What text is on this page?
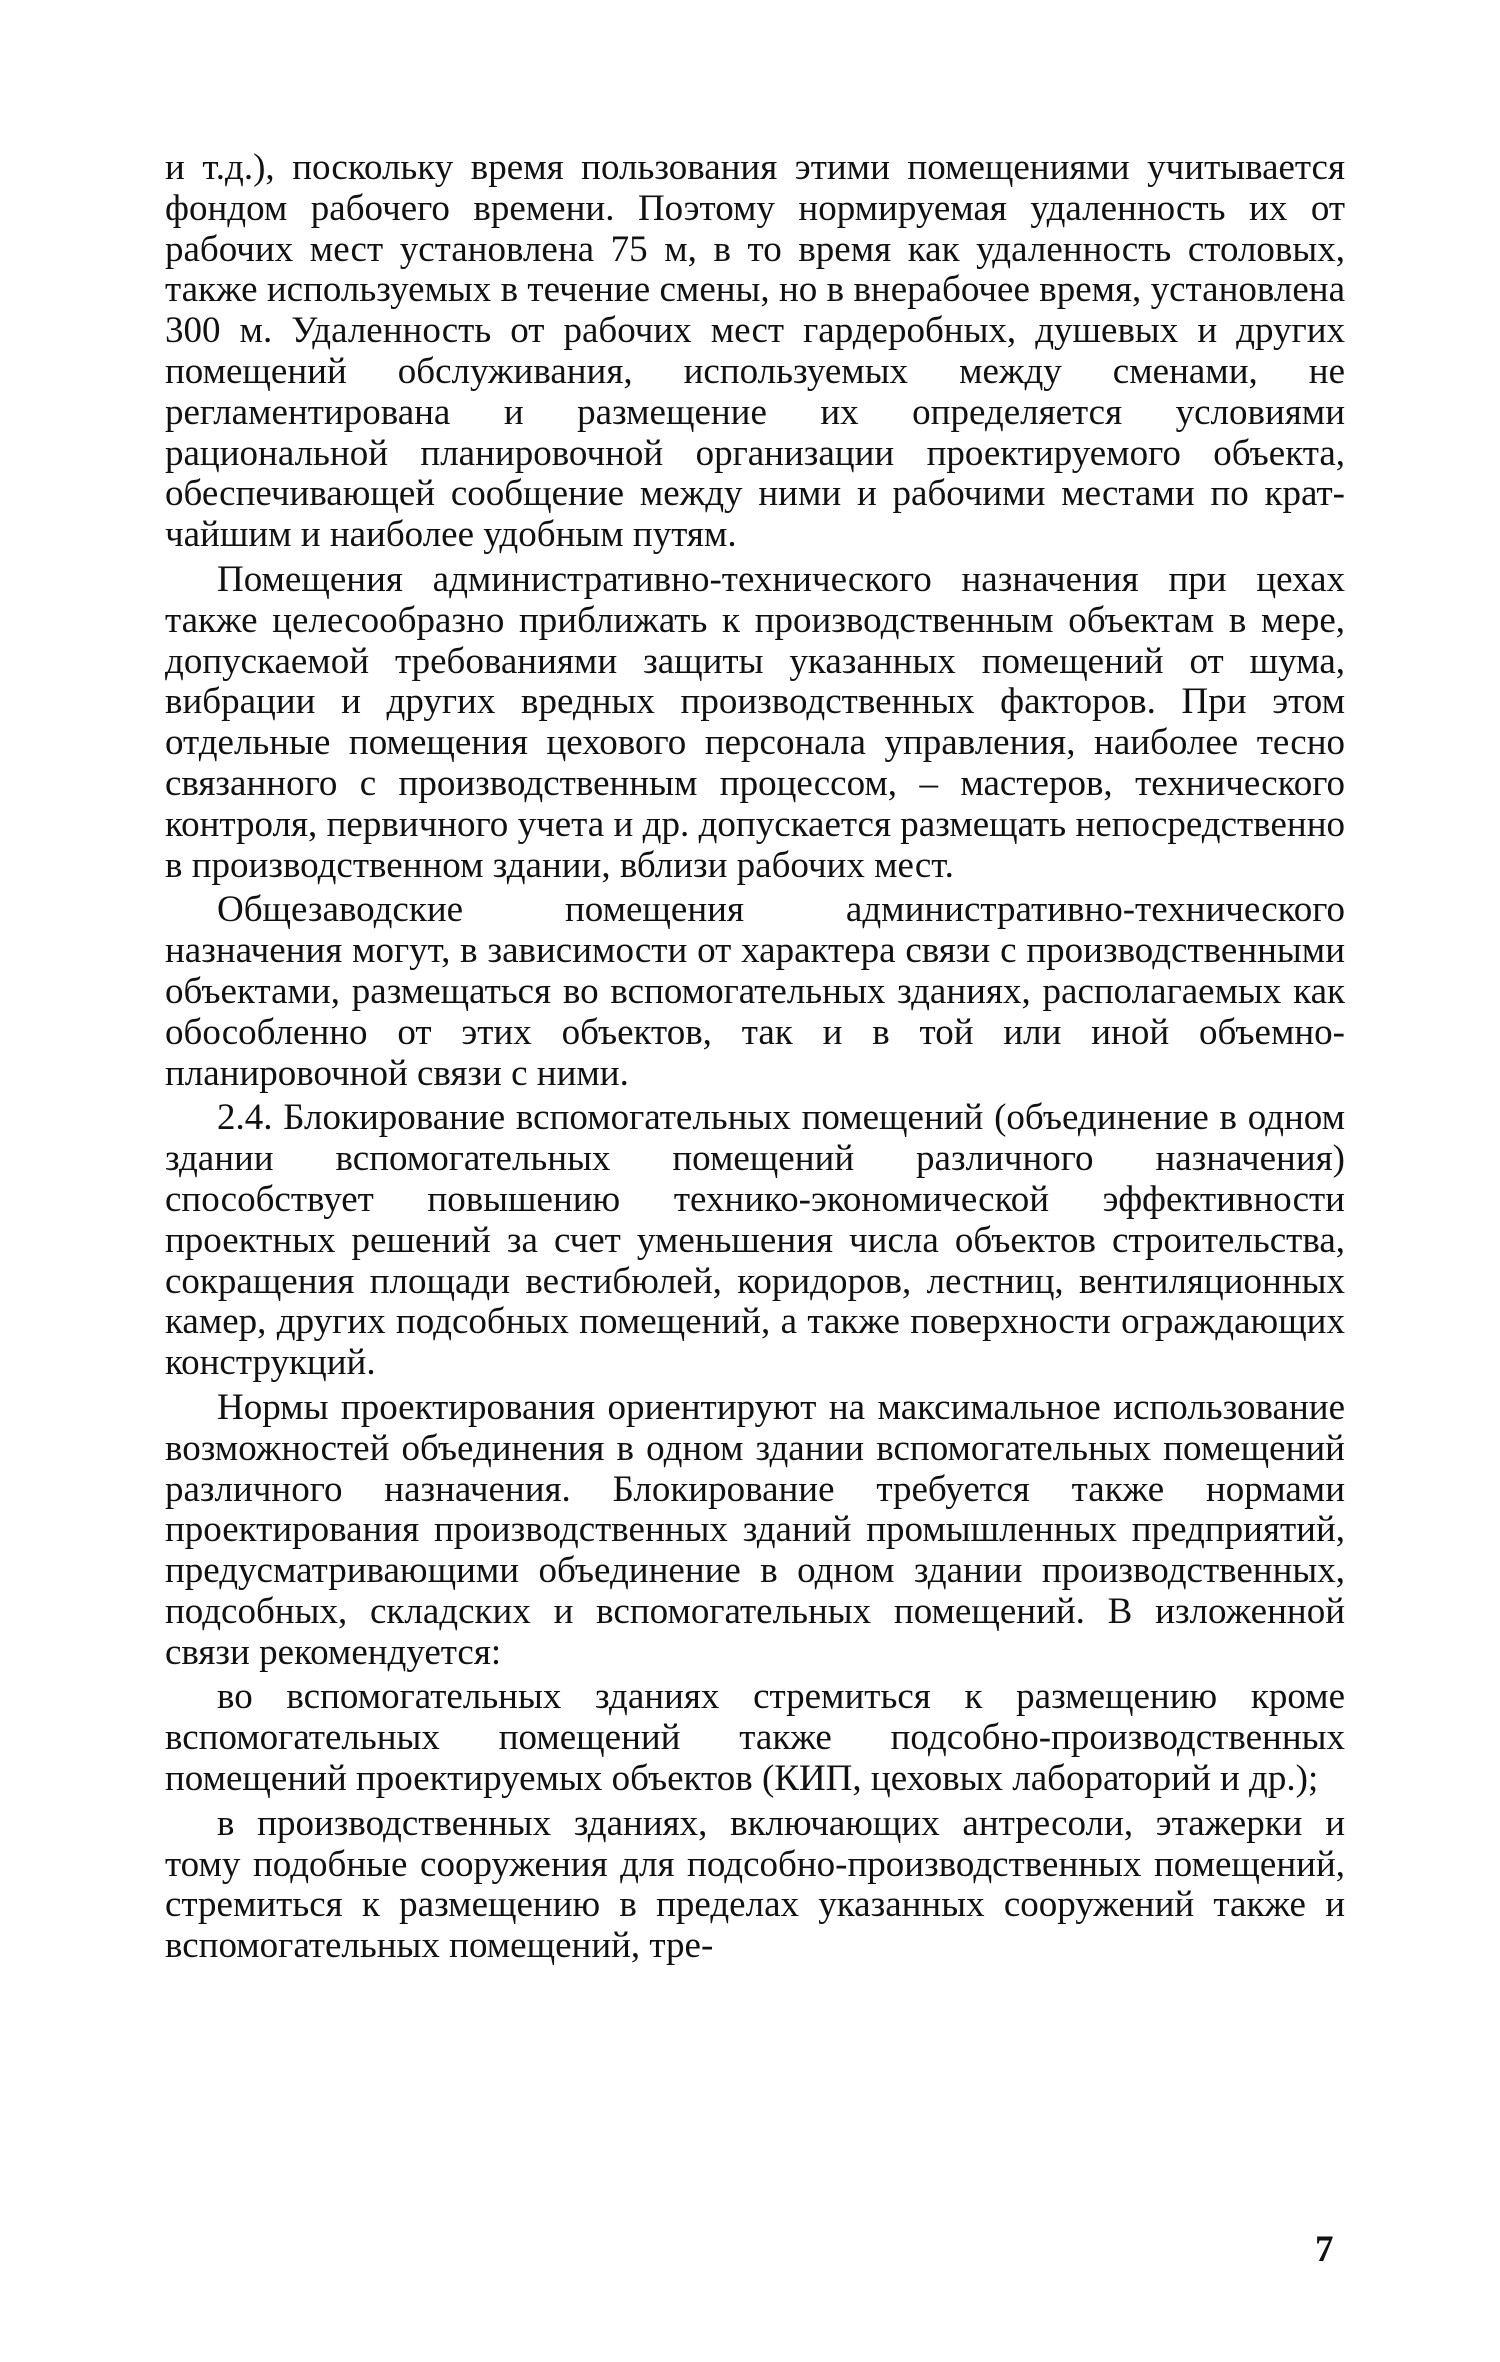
и т.д.), поскольку время пользования этими помещениями учитывается фондом рабочего времени. Поэтому нормируемая удаленность их от рабочих мест установлена 75 м, в то время как удаленность столовых, также используемых в течение смены, но в внерабочее время, установлена 300 м. Удаленность от рабочих мест гардеробных, душевых и других помещений обслуживания, используемых между сменами, не регламентирована и размещение их определяется условиями рациональной планировочной организации проектируемого объекта, обеспечивающей сообщение между ними и рабочими местами по кратчайшим и наиболее удобным путям.

Помещения административно-технического назначения при цехах также целесообразно приближать к производственным объектам в мере, допускаемой требованиями защиты указанных помещений от шума, вибрации и других вредных производственных факторов. При этом отдельные помещения цехового персонала управления, наиболее тесно связанного с производственным процессом, – мастеров, технического контроля, первичного учета и др. допускается размещать непосредственно в производственном здании, вблизи рабочих мест.

Общезаводские помещения административно-технического назначения могут, в зависимости от характера связи с производственными объектами, размещаться во вспомогательных зданиях, располагаемых как обособленно от этих объектов, так и в той или иной объемно-планировочной связи с ними.

2.4. Блокирование вспомогательных помещений (объединение в одном здании вспомогательных помещений различного назначения) способствует повышению технико-экономической эффективности проектных решений за счет уменьшения числа объектов строительства, сокращения площади вестибюлей, коридоров, лестниц, вентиляционных камер, других подсобных помещений, а также поверхности ограждающих конструкций.

Нормы проектирования ориентируют на максимальное использование возможностей объединения в одном здании вспомогательных помещений различного назначения. Блокирование требуется также нормами проектирования производственных зданий промышленных предприятий, предусматривающими объединение в одном здании производственных, подсобных, складских и вспомогательных помещений. В изложенной связи рекомендуется:

во вспомогательных зданиях стремиться к размещению кроме вспомогательных помещений также подсобно-производственных помещений проектируемых объектов (КИП, цеховых лабораторий и др.);

в производственных зданиях, включающих антресоли, этажерки и тому подобные сооружения для подсобно-производственных помещений, стремиться к размещению в пределах указанных сооружений также и вспомогательных помещений, тре-

7
